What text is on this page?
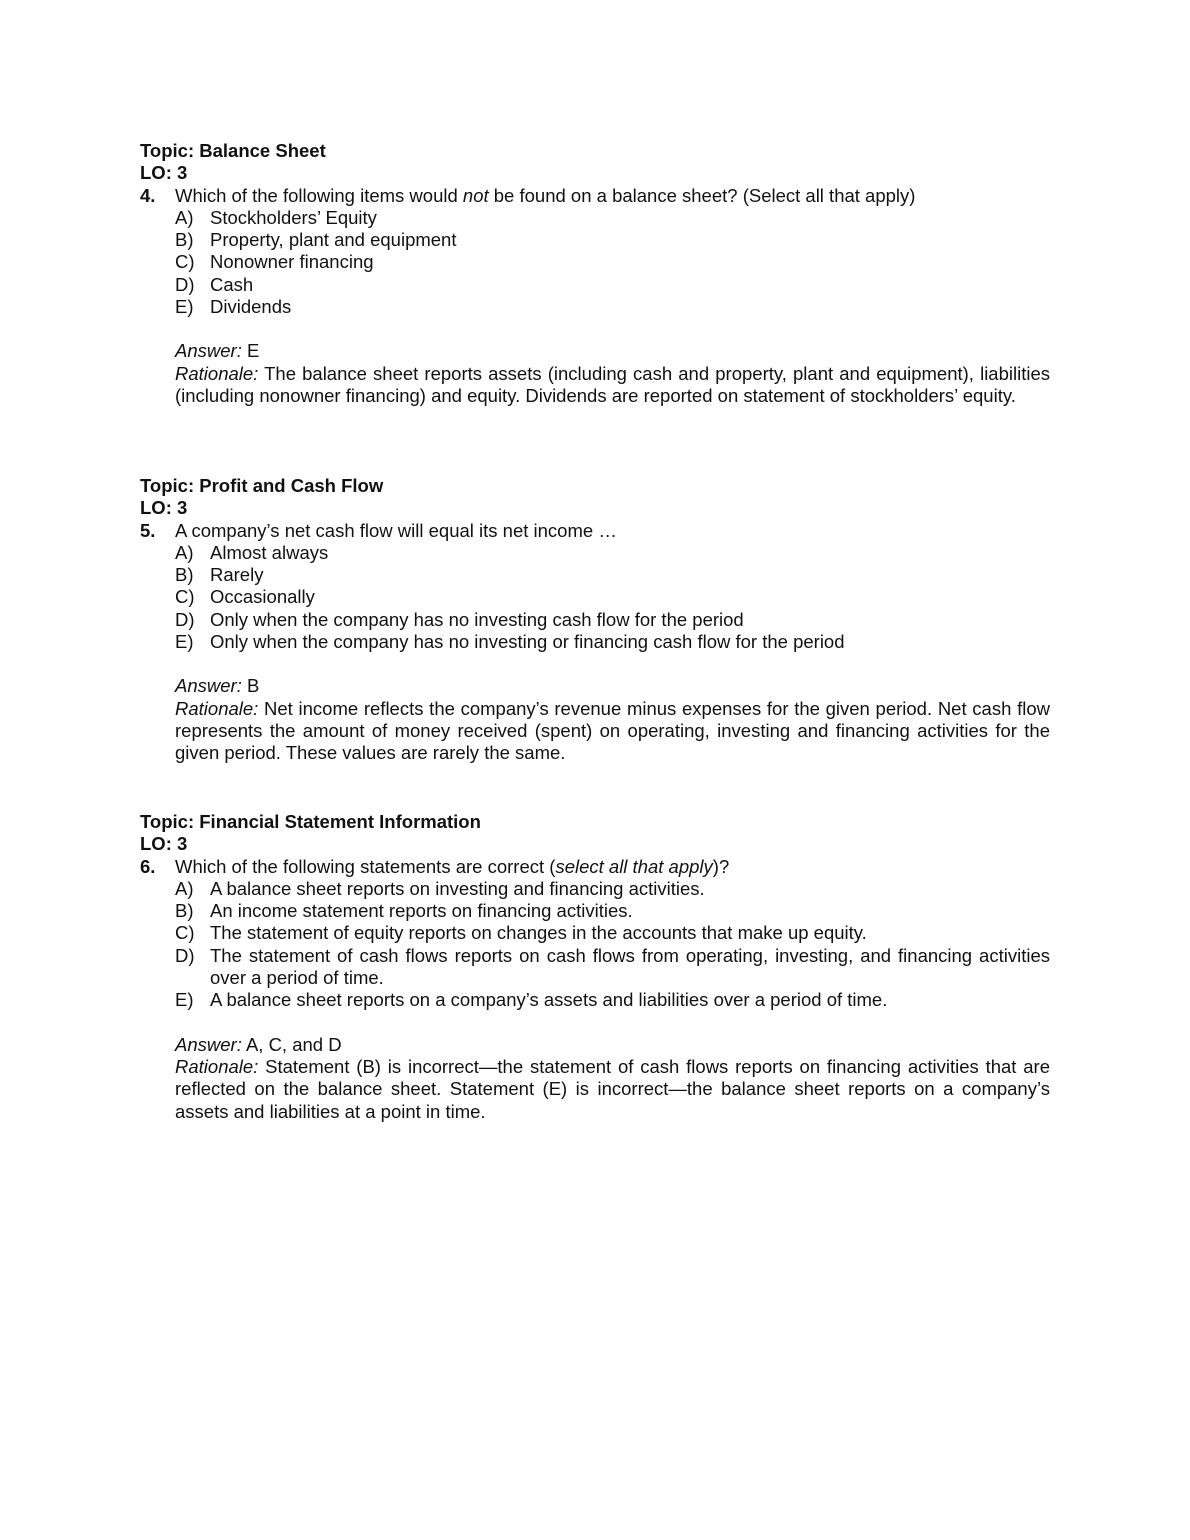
Topic: Balance Sheet
LO: 3
4.	Which of the following items would not be found on a balance sheet? (Select all that apply)
A) Stockholders’ Equity
B) Property, plant and equipment
C) Nonowner financing
D) Cash
E) Dividends
Answer: E
Rationale: The balance sheet reports assets (including cash and property, plant and equipment), liabilities (including nonowner financing) and equity. Dividends are reported on statement of stockholders’ equity.
Topic: Profit and Cash Flow
LO: 3
5.	A company’s net cash flow will equal its net income …
A) Almost always
B) Rarely
C) Occasionally
D) Only when the company has no investing cash flow for the period
E) Only when the company has no investing or financing cash flow for the period
Answer: B
Rationale: Net income reflects the company’s revenue minus expenses for the given period. Net cash flow represents the amount of money received (spent) on operating, investing and financing activities for the given period. These values are rarely the same.
Topic: Financial Statement Information
LO: 3
6.	Which of the following statements are correct (select all that apply)?
A) A balance sheet reports on investing and financing activities.
B) An income statement reports on financing activities.
C) The statement of equity reports on changes in the accounts that make up equity.
D) The statement of cash flows reports on cash flows from operating, investing, and financing activities over a period of time.
E) A balance sheet reports on a company’s assets and liabilities over a period of time.
Answer: A, C, and D
Rationale: Statement (B) is incorrect—the statement of cash flows reports on financing activities that are reflected on the balance sheet. Statement (E) is incorrect—the balance sheet reports on a company’s assets and liabilities at a point in time.
